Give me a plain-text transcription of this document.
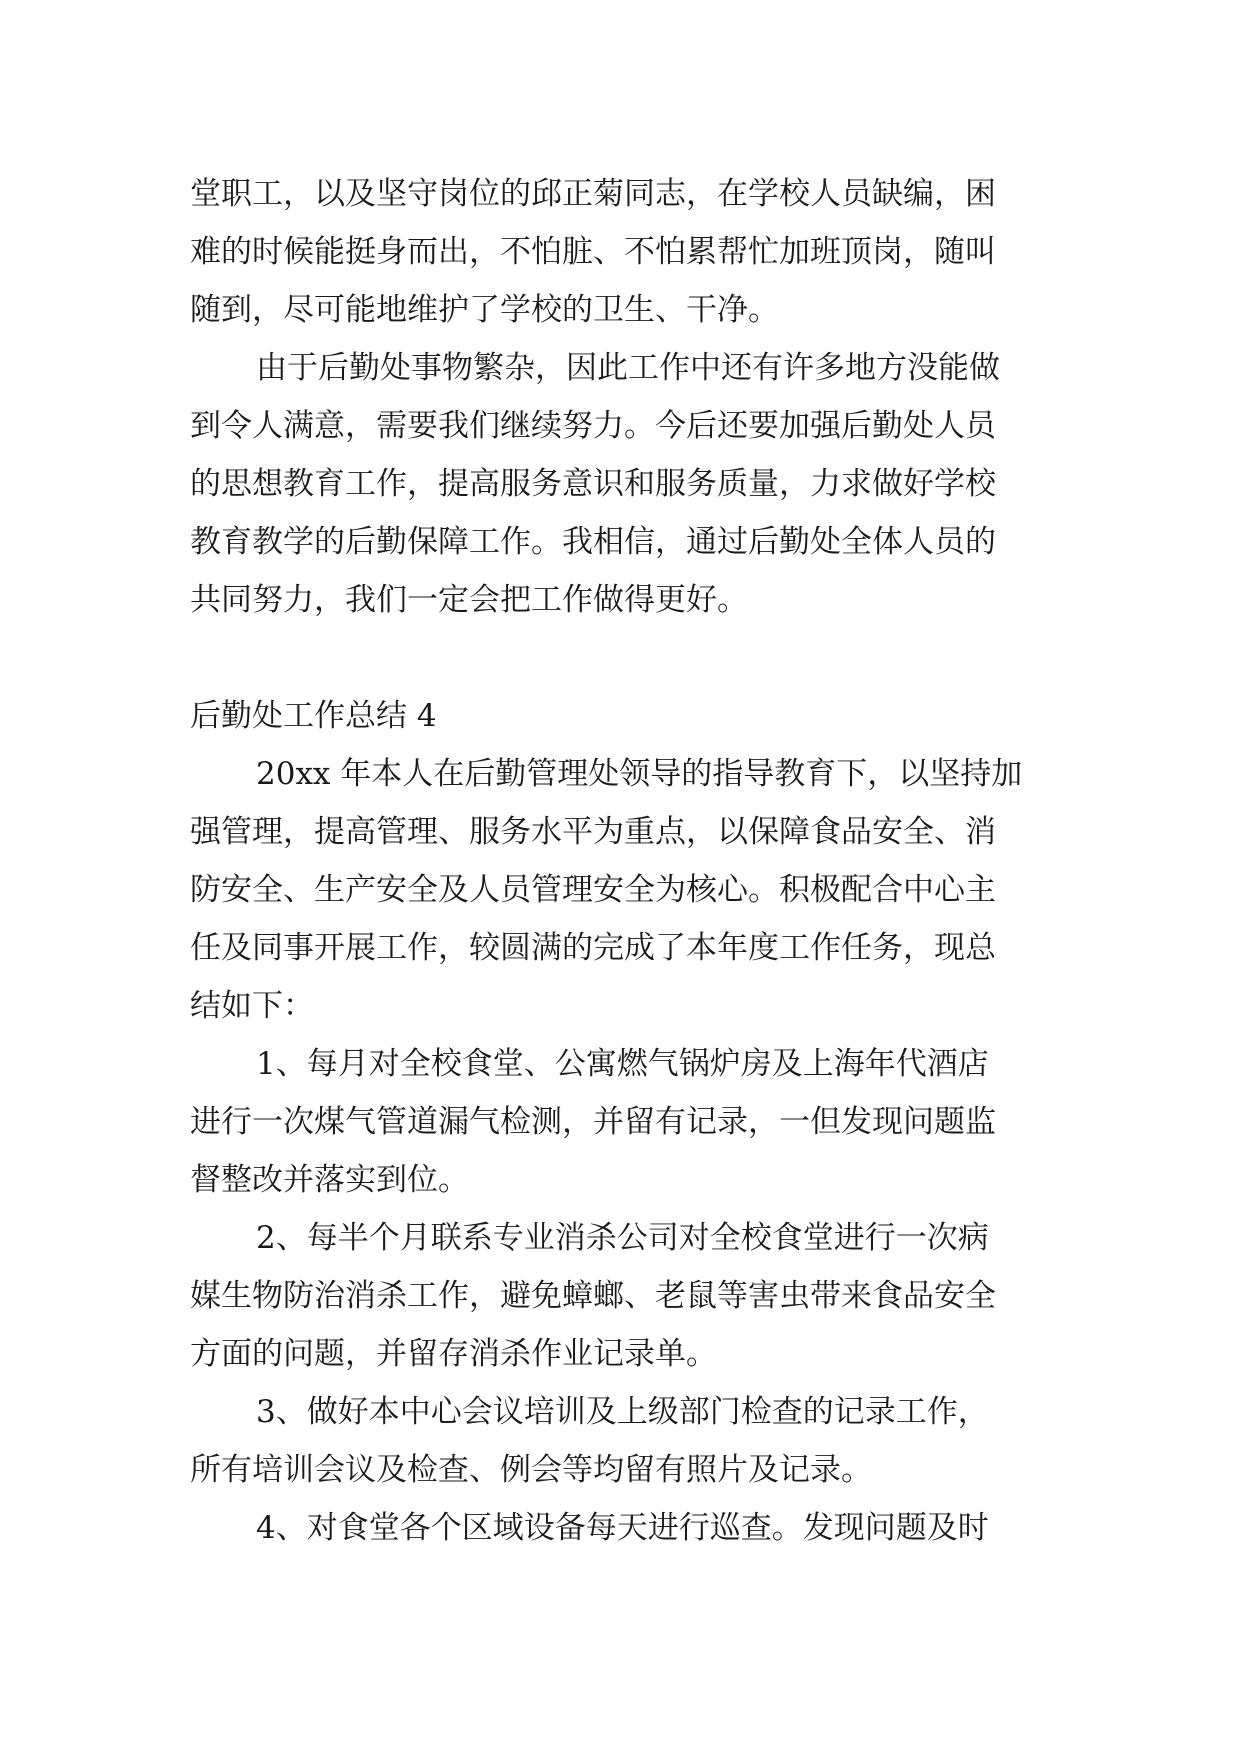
堂职工，以及坚守岗位的邱正菊同志，在学校人员缺编，困
难的时候能挺身而出，不怕脏、不怕累帮忙加班顶岗，随叫
随到，尽可能地维护了学校的卫生、干净。
由于后勤处事物繁杂，因此工作中还有许多地方没能做
到令人满意，需要我们继续努力。今后还要加强后勤处人员
的思想教育工作，提高服务意识和服务质量，力求做好学校
教育教学的后勤保障工作。我相信，通过后勤处全体人员的
共同努力，我们一定会把工作做得更好。
后勤处工作总结 4
20xx 年本人在后勤管理处领导的指导教育下，以坚持加
强管理，提高管理、服务水平为重点，以保障食品安全、消
防安全、生产安全及人员管理安全为核心。积极配合中心主
任及同事开展工作，较圆满的完成了本年度工作任务，现总
结如下：
1、每月对全校食堂、公寓燃气锅炉房及上海年代酒店
进行一次煤气管道漏气检测，并留有记录，一但发现问题监
督整改并落实到位。
2、每半个月联系专业消杀公司对全校食堂进行一次病
媒生物防治消杀工作，避免蟑螂、老鼠等害虫带来食品安全
方面的问题，并留存消杀作业记录单。
3、做好本中心会议培训及上级部门检查的记录工作，
所有培训会议及检查、例会等均留有照片及记录。
4、对食堂各个区域设备每天进行巡查。发现问题及时
